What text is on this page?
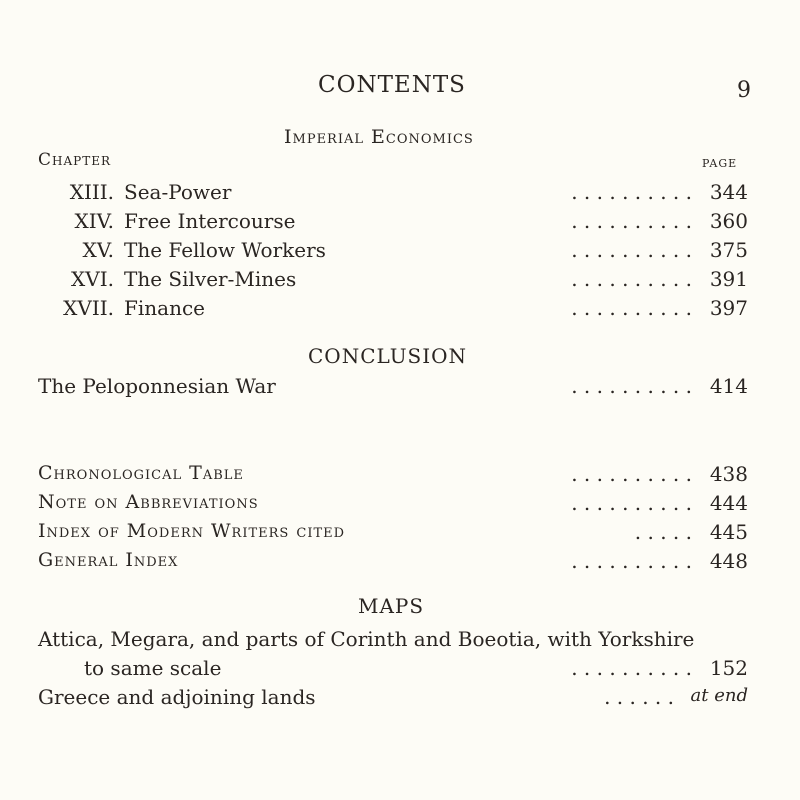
CONTENTS	9
Imperial Economics
Chapter	page
XIII. Sea-Power	. . . . . . . . . . 344
XIV. Free Intercourse	. . . . . . . . . . 360
XV. The Fellow Workers	. . . . . . . . . . 375
XVI. The Silver-Mines	. . . . . . . . . . 391
XVII. Finance	. . . . . . . . . . 397
CONCLUSION
The Peloponnesian War	. . . . . . . . . . 414
Chronological Table	. . . . . . . . . . 438
Note on Abbreviations	. . . . . . . . . . 444
Index of Modern Writers cited	. . . . . 445
General Index	. . . . . . . . . . 448
MAPS
Attica, Megara, and parts of Corinth and Boeotia, with Yorkshire
to same scale	. . . . . . . . . . 152
Greece and adjoining lands	. . . . . . at end
